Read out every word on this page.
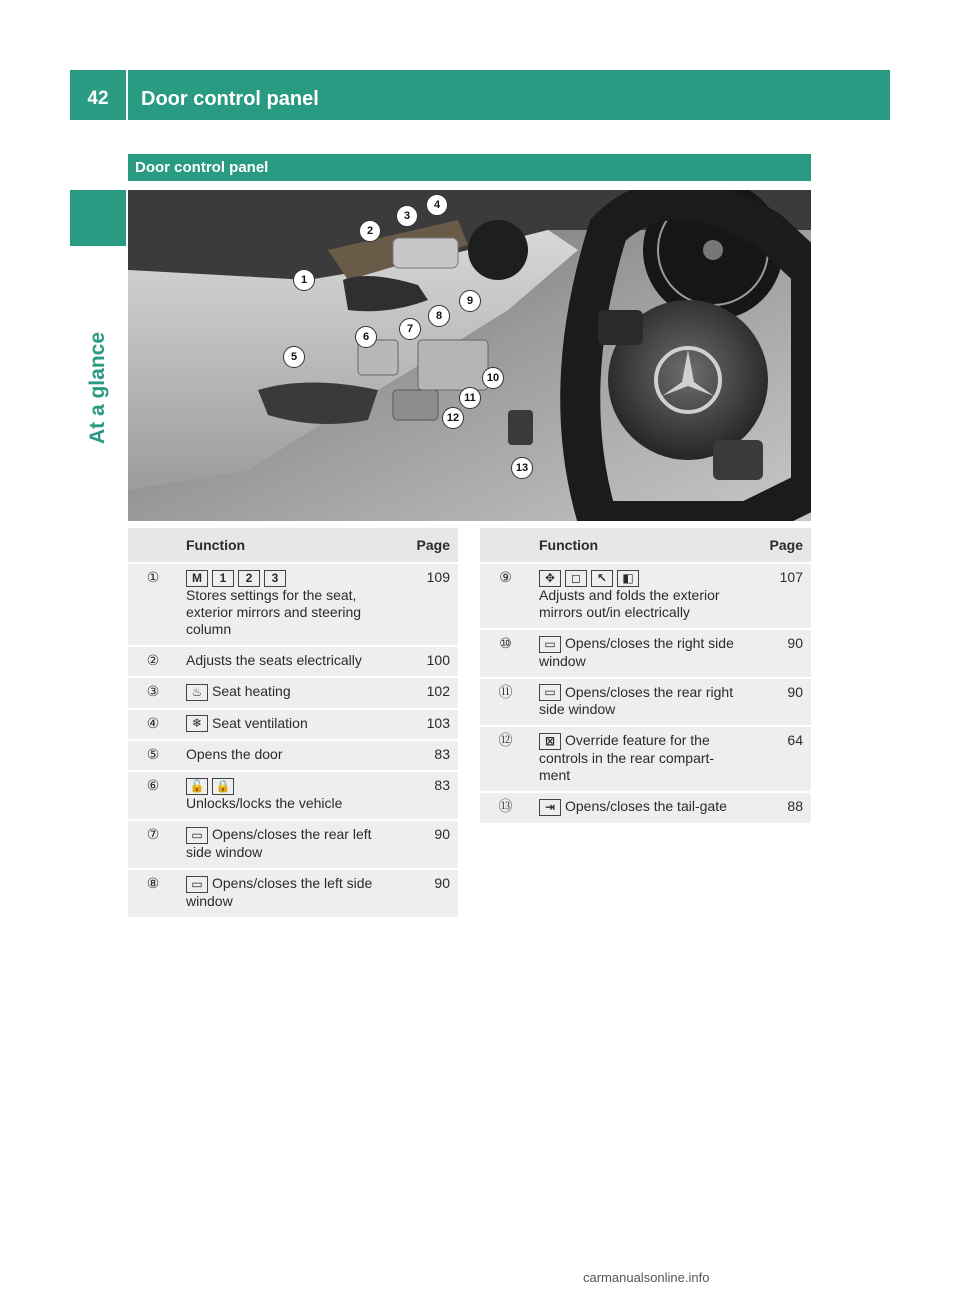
42	Door control panel
At a glance
Door control panel
1
2
3
4
5
6
7
8
9
10
11
12
13
	Function	Page
①	M 1 2 3
Stores settings for the seat, exterior mirrors and steering column	109
②	Adjusts the seats electrically	100
③	♨ Seat heating	102
④	❄ Seat ventilation	103
⑤	Opens the door	83
⑥	🔓 🔒
Unlocks/locks the vehicle	83
⑦	▭ Opens/closes the rear left side window	90
⑧	▭ Opens/closes the left side window	90
	Function	Page
⑨	✥ ◻ ↖ ◧
Adjusts and folds the exterior mirrors out/in electrically	107
⑩	▭ Opens/closes the right side window	90
⑪	▭ Opens/closes the rear right side window	90
⑫	⊠ Override feature for the controls in the rear compart-ment	64
⑬	⇥ Opens/closes the tail-gate	88
carmanualsonline.info
